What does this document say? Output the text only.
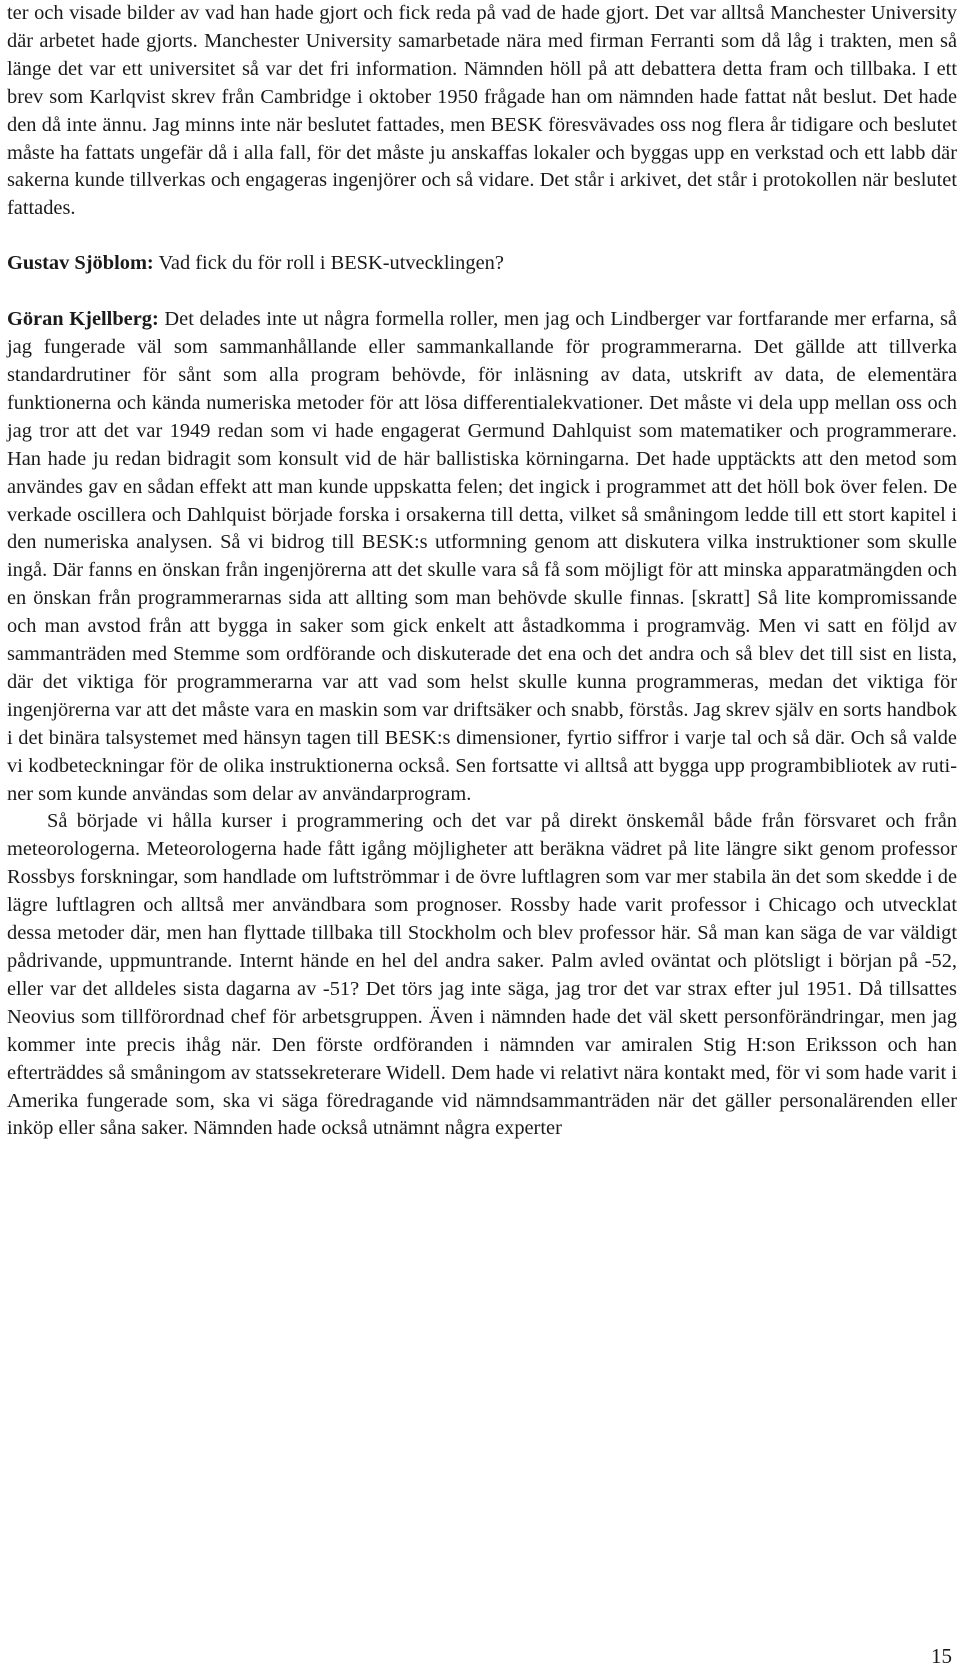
ter och visade bilder av vad han hade gjort och fick reda på vad de hade gjort. Det var alltså Manchester University där arbetet hade gjorts. Manchester University samarbetade nära med firman Ferranti som då låg i trakten, men så länge det var ett universitet så var det fri information. Nämnden höll på att debattera detta fram och tillbaka. I ett brev som Karlqvist skrev från Cambridge i oktober 1950 frågade han om nämnden hade fattat nåt beslut. Det hade den då inte ännu. Jag minns inte när beslutet fattades, men BESK föresvävades oss nog flera år tidigare och beslutet måste ha fattats ungefär då i alla fall, för det måste ju anskaffas lokaler och byggas upp en verkstad och ett labb där sakerna kunde tillverkas och engageras ingenjörer och så vidare. Det står i arkivet, det står i protokollen när beslutet fattades.

Gustav Sjöblom: Vad fick du för roll i BESK-utvecklingen?

Göran Kjellberg: Det delades inte ut några formella roller, men jag och Lindberger var fortfarande mer erfarna, så jag fungerade väl som sammanhållande eller sammankallande för programmerarna. Det gällde att tillverka standardrutiner för sånt som alla program behövde, för inläsning av data, utskrift av data, de elementära funktionerna och kända numeriska metoder för att lösa differentialekvationer. Det måste vi dela upp mellan oss och jag tror att det var 1949 redan som vi hade engagerat Germund Dahlquist som matematiker och programmerare. Han hade ju redan bidragit som konsult vid de här ballistiska körningarna. Det hade upptäckts att den metod som användes gav en sådan effekt att man kunde uppskatta felen; det ingick i programmet att det höll bok över felen. De verkade oscillera och Dahlquist började forska i orsakerna till detta, vilket så småningom ledde till ett stort kapitel i den numeriska analysen. Så vi bidrog till BESK:s utformning genom att diskutera vilka instruktioner som skulle ingå. Där fanns en önskan från ingenjörerna att det skulle vara så få som möjligt för att minska apparatmängden och en önskan från programmerarnas sida att allting som man behövde skulle finnas. [skratt] Så lite kompromissande och man avstod från att bygga in saker som gick enkelt att åstadkomma i programväg. Men vi satt en följd av sammanträden med Stemme som ordförande och diskuterade det ena och det andra och så blev det till sist en lista, där det viktiga för programmerarna var att vad som helst skulle kunna programmeras, medan det viktiga för ingenjörerna var att det måste vara en maskin som var driftsäker och snabb, förstås. Jag skrev själv en sorts handbok i det binära talsystemet med hänsyn tagen till BESK:s dimensioner, fyrtio siffror i varje tal och så där. Och så valde vi kodbeteckningar för de olika instruktionerna också. Sen fortsatte vi alltså att bygga upp programbibliotek av rutiner som kunde användas som delar av användarprogram.

Så började vi hålla kurser i programmering och det var på direkt önskemål både från försvaret och från meteorologerna. Meteorologerna hade fått igång möjligheter att beräkna vädret på lite längre sikt genom professor Rossbys forskningar, som handlade om luftströmmar i de övre luftlagren som var mer stabila än det som skedde i de lägre luftlagren och alltså mer användbara som prognoser. Rossby hade varit professor i Chicago och utvecklat dessa metoder där, men han flyttade tillbaka till Stockholm och blev professor här. Så man kan säga de var väldigt pådrivande, uppmuntrande. Internt hände en hel del andra saker. Palm avled oväntat och plötsligt i början på -52, eller var det alldeles sista dagarna av -51? Det törs jag inte säga, jag tror det var strax efter jul 1951. Då tillsattes Neovius som tillförordnad chef för arbetsgruppen. Även i nämnden hade det väl skett personförändringar, men jag kommer inte precis ihåg när. Den förste ordföranden i nämnden var amiralen Stig H:son Eriksson och han efterträddes så småningom av statssekreterare Widell. Dem hade vi relativt nära kontakt med, för vi som hade varit i Amerika fungerade som, ska vi säga föredragande vid nämndsammanträden när det gäller personalärenden eller inköp eller såna saker. Nämnden hade också utnämnt några experter

15
